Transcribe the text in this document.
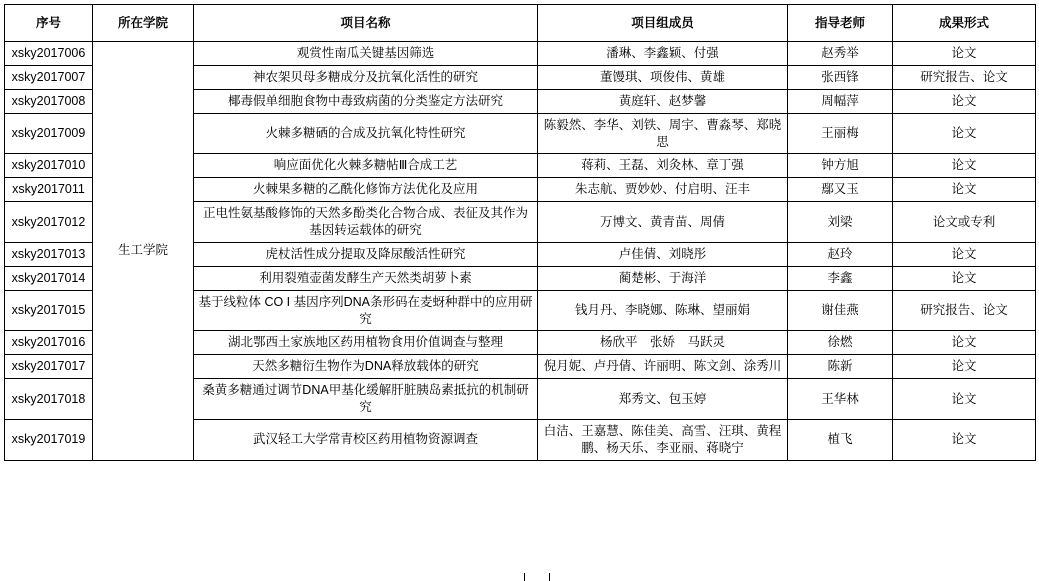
序号	所在学院	项目名称	项目组成员	指导老师	成果形式
xsky2017006	生工学院	观赏性南瓜关键基因筛选	潘琳、李鑫颖、付强	赵秀举	论文
xsky2017007		神农架贝母多糖成分及抗氧化活性的研究	董馒琪、项俊伟、黄雄	张西锋	研究报告、论文
xsky2017008		椰毒假单细胞食物中毒致病菌的分类鉴定方法研究	黄庭轩、赵梦馨	周幅萍	论文
xsky2017009		火棘多糖硒的合成及抗氧化特性研究	陈毅然、李华、刘铁、周宇、曹淼琴、郑晓思	王丽梅	论文
xsky2017010		响应面优化火棘多糖帖Ⅲ合成工艺	蒋莉、王磊、刘灸林、章丁强	钟方旭	论文
xsky2017011		火棘果多糖的乙酰化修饰方法优化及应用	朱志航、贾妙妙、付启明、汪丰	鄢又玉	论文
xsky2017012		正电性氨基酸修饰的天然多酚类化合物合成、表征及其作为基因转运载体的研究	万博文、黄青苗、周倩	刘梁	论文或专利
xsky2017013		虎杖活性成分提取及降尿酸活性研究	卢佳倩、刘晓彤	赵玲	论文
xsky2017014		利用裂殖壶菌发酵生产天然类胡萝卜素	蔺楚彬、于海洋	李鑫	论文
xsky2017015		基于线粒体 CO I 基因序列DNA条形码在麦蚜种群中的应用研究	钱月丹、李晓娜、陈琳、望丽娟	谢佳燕	研究报告、论文
xsky2017016		湖北鄂西土家族地区药用植物食用价值调查与整理	杨欣平　张娇　马跃灵	徐燃	论文
xsky2017017		天然多糖衍生物作为DNA释放载体的研究	倪月妮、卢丹倩、许丽明、陈文剑、涂秀川	陈新	论文
xsky2017018		桑黄多糖通过调节DNA甲基化缓解肝脏胰岛素抵抗的机制研究	郑秀文、包玉婷	王华林	论文
xsky2017019		武汉轻工大学常青校区药用植物资源调查	白洁、王嘉慧、陈佳美、高雪、汪琪、黄程鹏、杨天乐、李亚丽、蒋晓宁	植飞	论文
